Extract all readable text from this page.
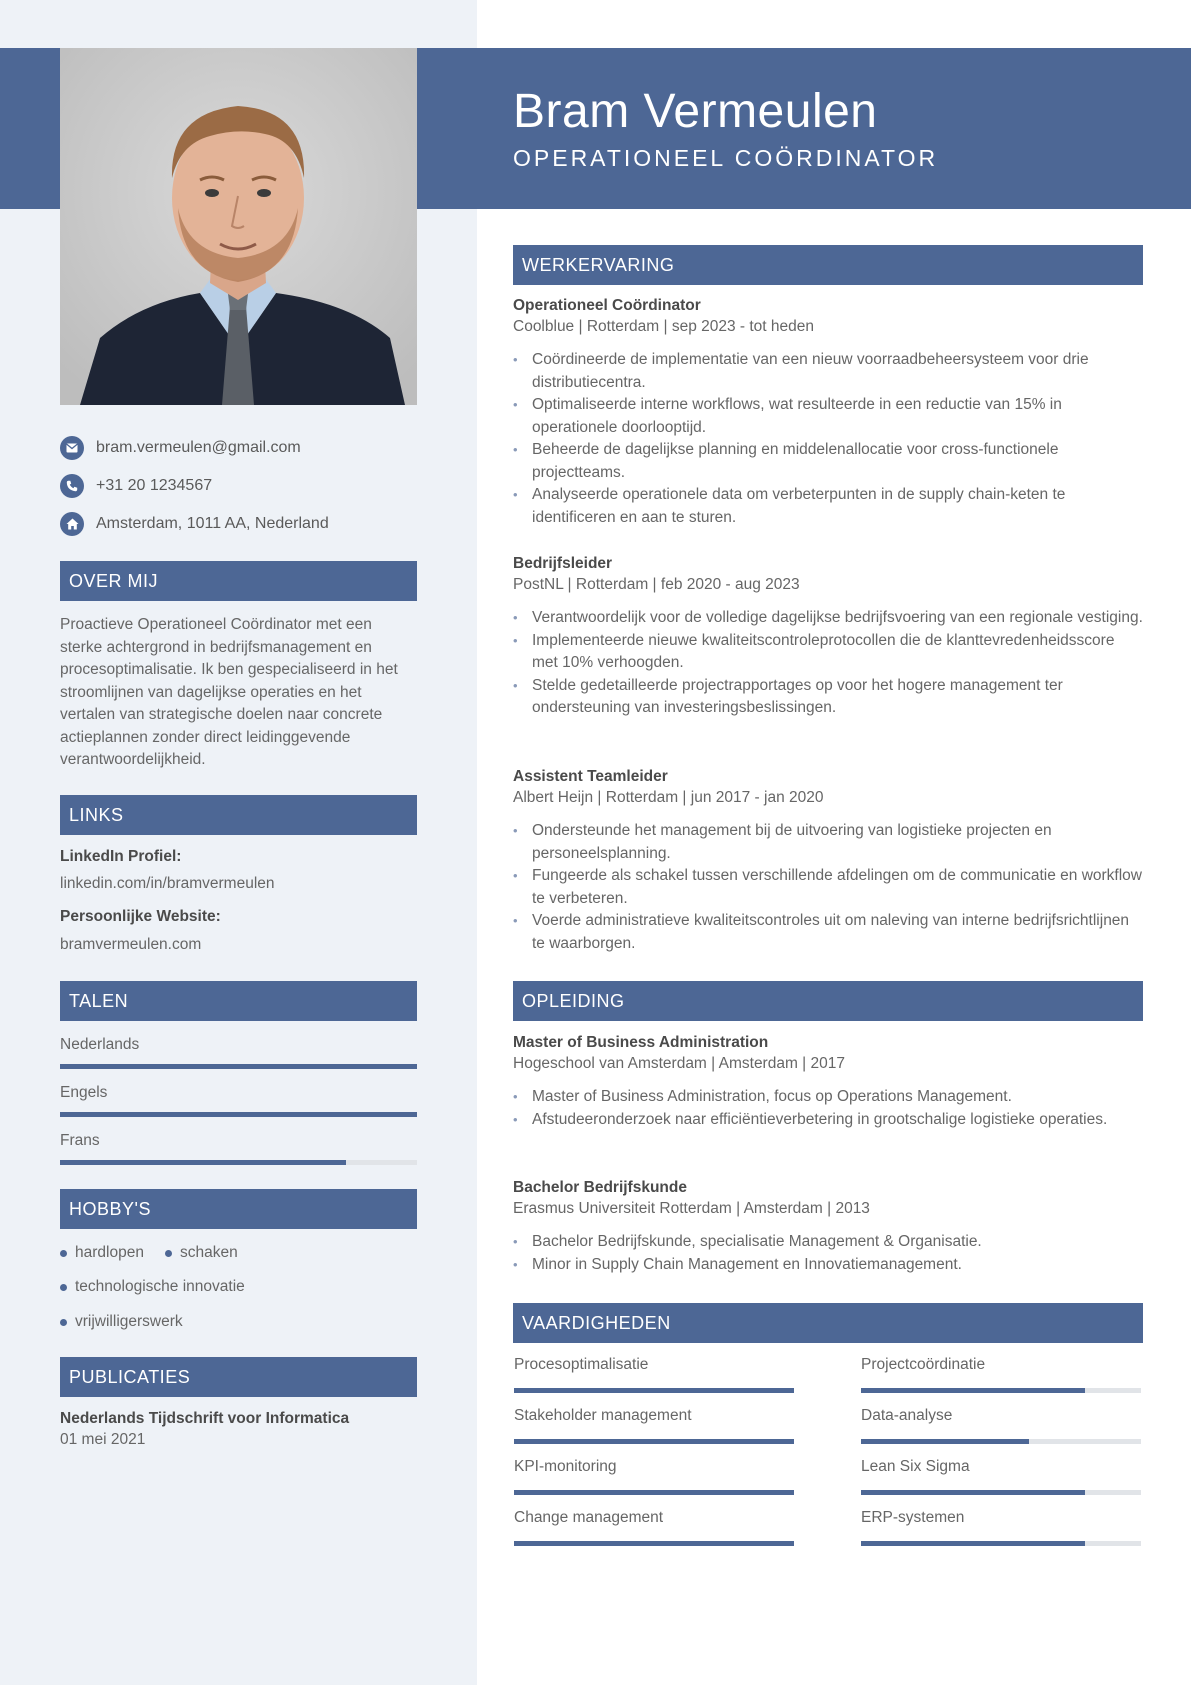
Bram Vermeulen
OPERATIONEEL COÖRDINATOR
bram.vermeulen@gmail.com
+31 20 1234567
Amsterdam, 1011 AA, Nederland
OVER MIJ
Proactieve Operationeel Coördinator met een sterke achtergrond in bedrijfsmanagement en procesoptimalisatie. Ik ben gespecialiseerd in het stroomlijnen van dagelijkse operaties en het vertalen van strategische doelen naar concrete actieplannen zonder direct leidinggevende verantwoordelijkheid.
LINKS
LinkedIn Profiel:
linkedin.com/in/bramvermeulen
Persoonlijke Website:
bramvermeulen.com
TALEN
Nederlands
Engels
Frans
HOBBY'S
hardlopen schaken
technologische innovatie
vrijwilligerswerk
PUBLICATIES
Nederlands Tijdschrift voor Informatica
01 mei 2021
WERKERVARING
Operationeel Coördinator
Coolblue | Rotterdam | sep 2023 - tot heden
• Coördineerde de implementatie van een nieuw voorraadbeheersysteem voor drie distributiecentra.
• Optimaliseerde interne workflows, wat resulteerde in een reductie van 15% in operationele doorlooptijd.
• Beheerde de dagelijkse planning en middelenallocatie voor cross-functionele projectteams.
• Analyseerde operationele data om verbeterpunten in de supply chain-keten te identificeren en aan te sturen.
Bedrijfsleider
PostNL | Rotterdam | feb 2020 - aug 2023
• Verantwoordelijk voor de volledige dagelijkse bedrijfsvoering van een regionale vestiging.
• Implementeerde nieuwe kwaliteitscontroleprotocollen die de klanttevredenheidsscore met 10% verhoogden.
• Stelde gedetailleerde projectrapportages op voor het hogere management ter ondersteuning van investeringsbeslissingen.
Assistent Teamleider
Albert Heijn | Rotterdam | jun 2017 - jan 2020
• Ondersteunde het management bij de uitvoering van logistieke projecten en personeelsplanning.
• Fungeerde als schakel tussen verschillende afdelingen om de communicatie en workflow te verbeteren.
• Voerde administratieve kwaliteitscontroles uit om naleving van interne bedrijfsrichtlijnen te waarborgen.
OPLEIDING
Master of Business Administration
Hogeschool van Amsterdam | Amsterdam | 2017
• Master of Business Administration, focus op Operations Management.
• Afstudeeronderzoek naar efficiëntieverbetering in grootschalige logistieke operaties.
Bachelor Bedrijfskunde
Erasmus Universiteit Rotterdam | Amsterdam | 2013
• Bachelor Bedrijfskunde, specialisatie Management & Organisatie.
• Minor in Supply Chain Management en Innovatiemanagement.
VAARDIGHEDEN
Procesoptimalisatie	Projectcoördinatie
Stakeholder management	Data-analyse
KPI-monitoring	Lean Six Sigma
Change management	ERP-systemen
